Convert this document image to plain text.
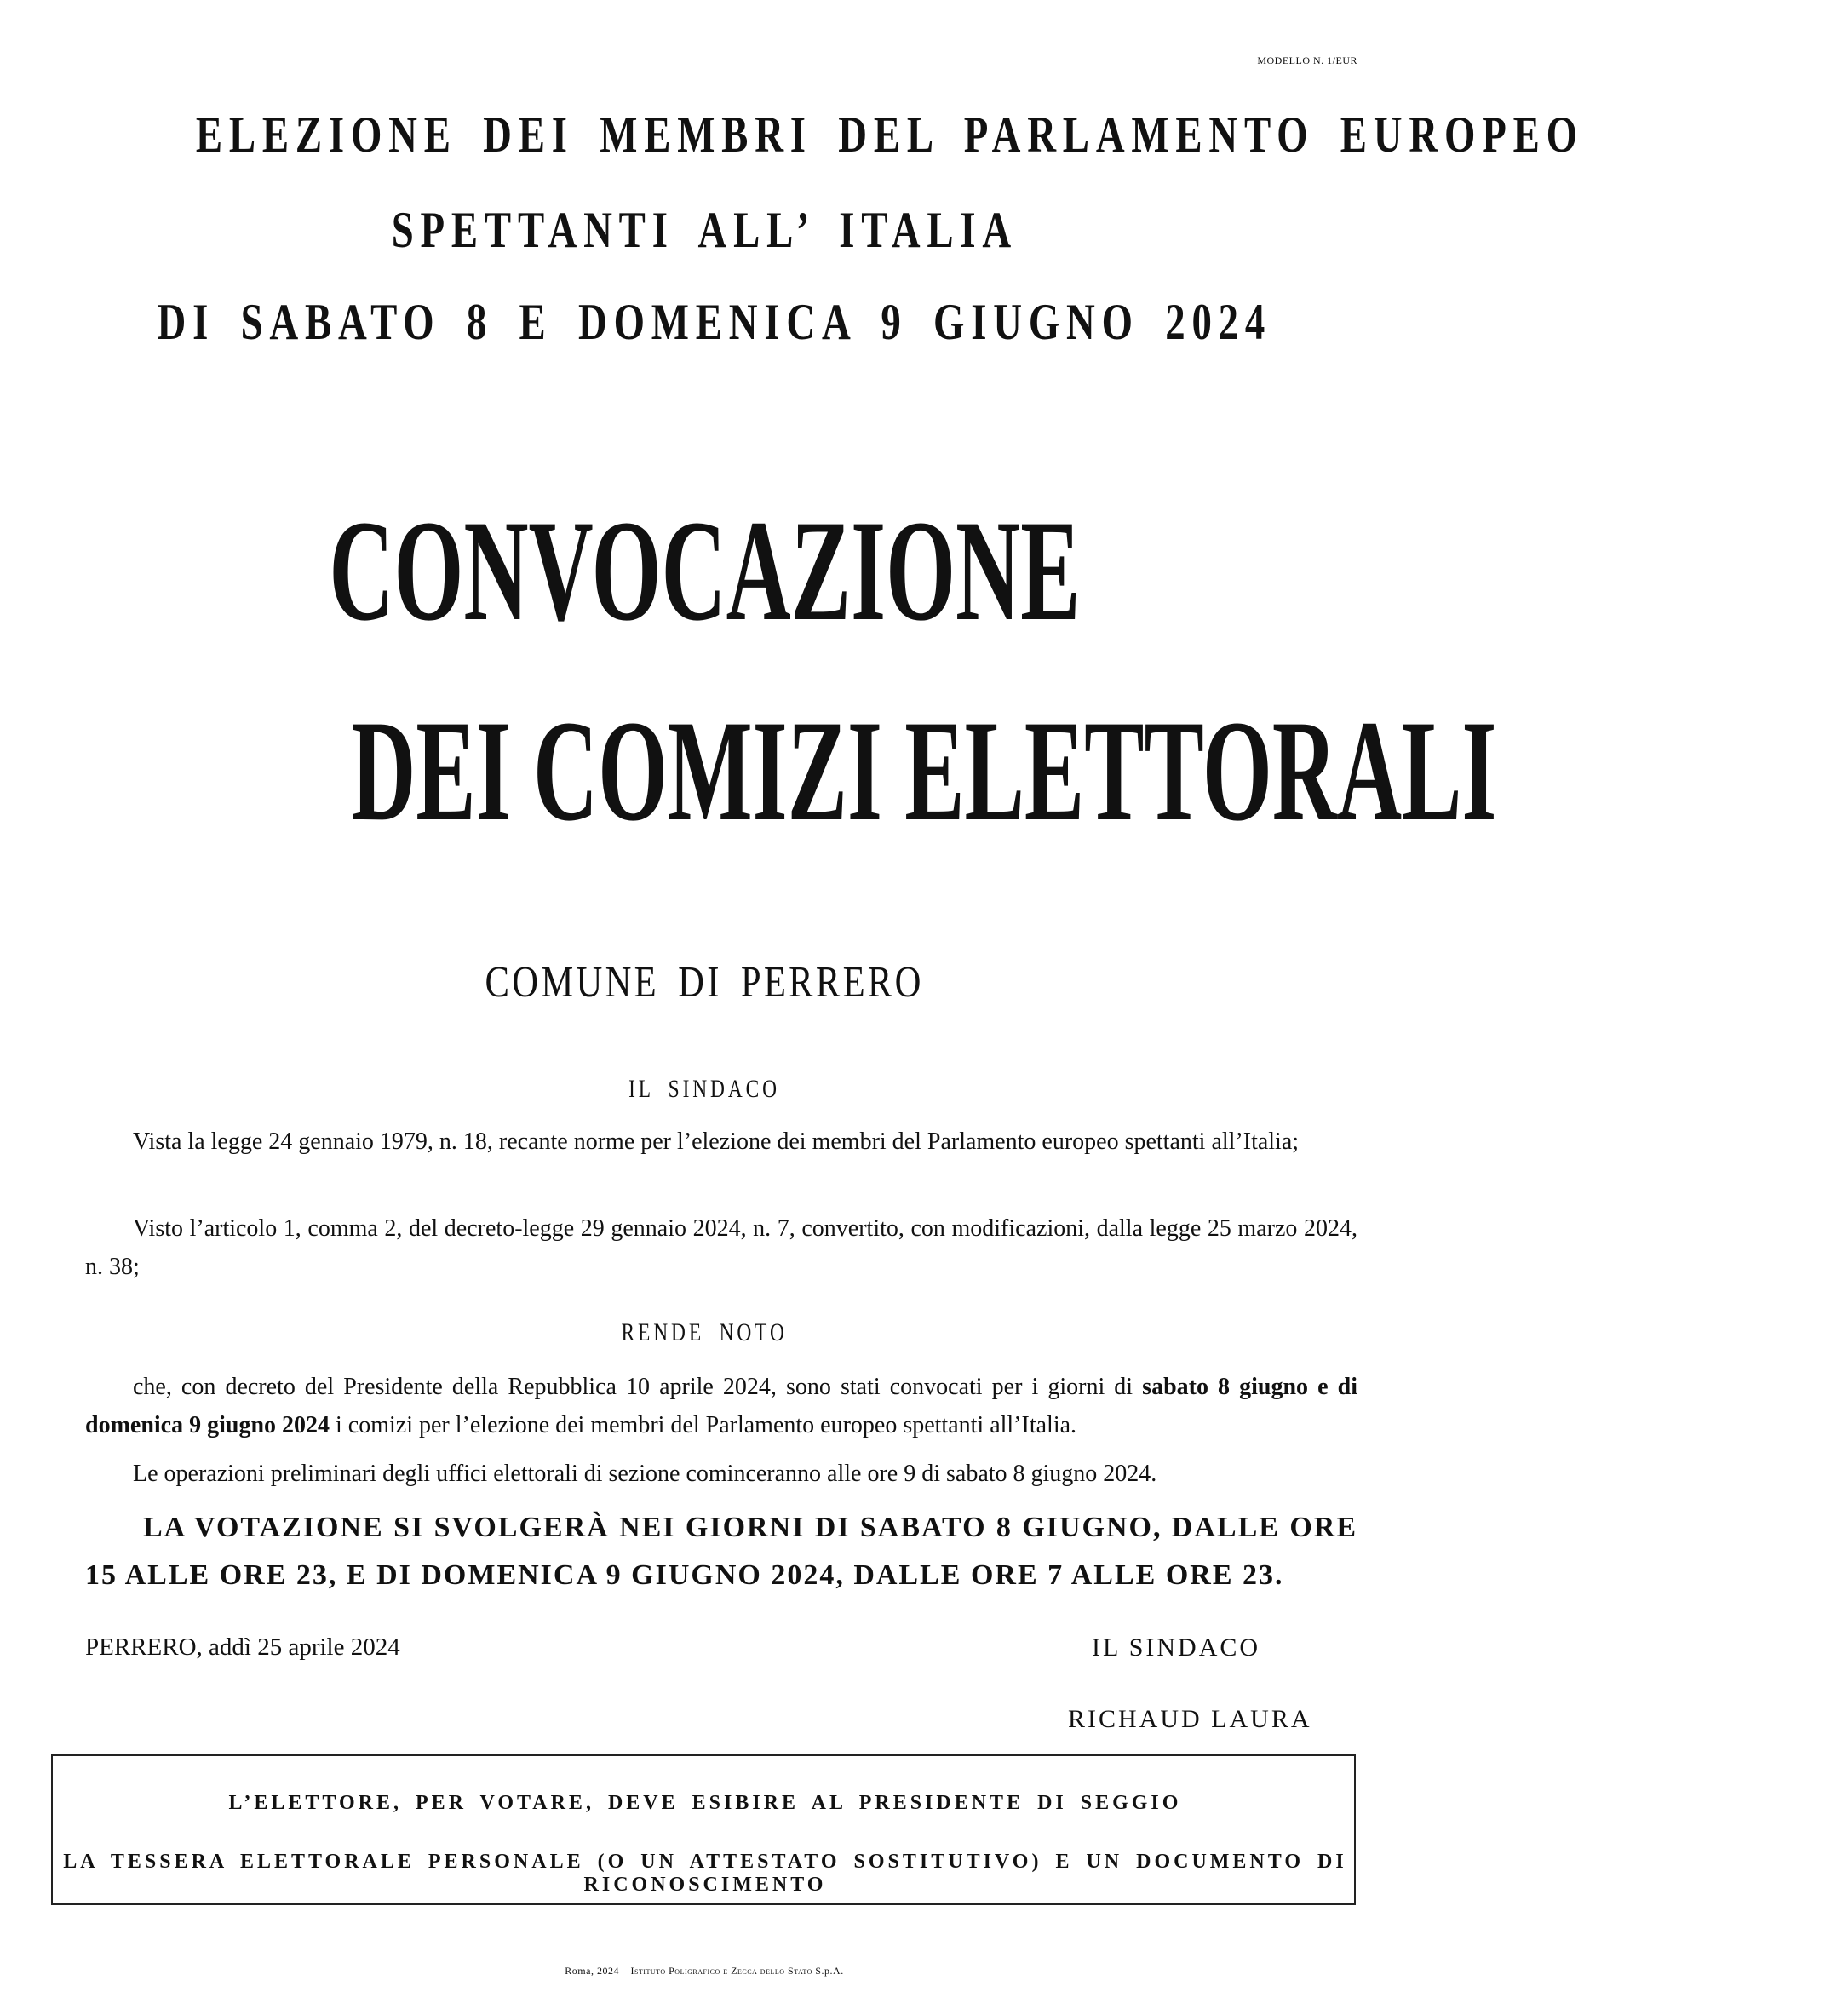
MODELLO N. 1/EUR
ELEZIONE DEI MEMBRI DEL PARLAMENTO EUROPEO
SPETTANTI ALL’ ITALIA
DI SABATO 8 E DOMENICA 9 GIUGNO 2024
CONVOCAZIONE
DEI COMIZI ELETTORALI
COMUNE DI PERRERO
IL SINDACO

Vista la legge 24 gennaio 1979, n. 18, recante norme per l’elezione dei membri del Parlamento europeo spettanti all’Italia;

Visto l’articolo 1, comma 2, del decreto-legge 29 gennaio 2024, n. 7, convertito, con modificazioni, dalla legge 25 marzo 2024, n. 38;

RENDE NOTO

che, con decreto del Presidente della Repubblica 10 aprile 2024, sono stati convocati per i giorni di sabato 8 giugno e di domenica 9 giugno 2024 i comizi per l’elezione dei membri del Parlamento europeo spettanti all’Italia.

Le operazioni preliminari degli uffici elettorali di sezione cominceranno alle ore 9 di sabato 8 giugno 2024.

LA VOTAZIONE SI SVOLGERÀ NEI GIORNI DI SABATO 8 GIUGNO, DALLE ORE 15 ALLE ORE 23, E DI DOMENICA 9 GIUGNO 2024, DALLE ORE 7 ALLE ORE 23.

PERRERO, addì 25 aprile 2024	IL SINDACO
RICHAUD LAURA
L’ELETTORE, PER VOTARE, DEVE ESIBIRE AL PRESIDENTE DI SEGGIO
LA TESSERA ELETTORALE PERSONALE (O UN ATTESTATO SOSTITUTIVO) E UN DOCUMENTO DI RICONOSCIMENTO
Roma, 2024 – Istituto Poligrafico e Zecca dello Stato S.p.A.
